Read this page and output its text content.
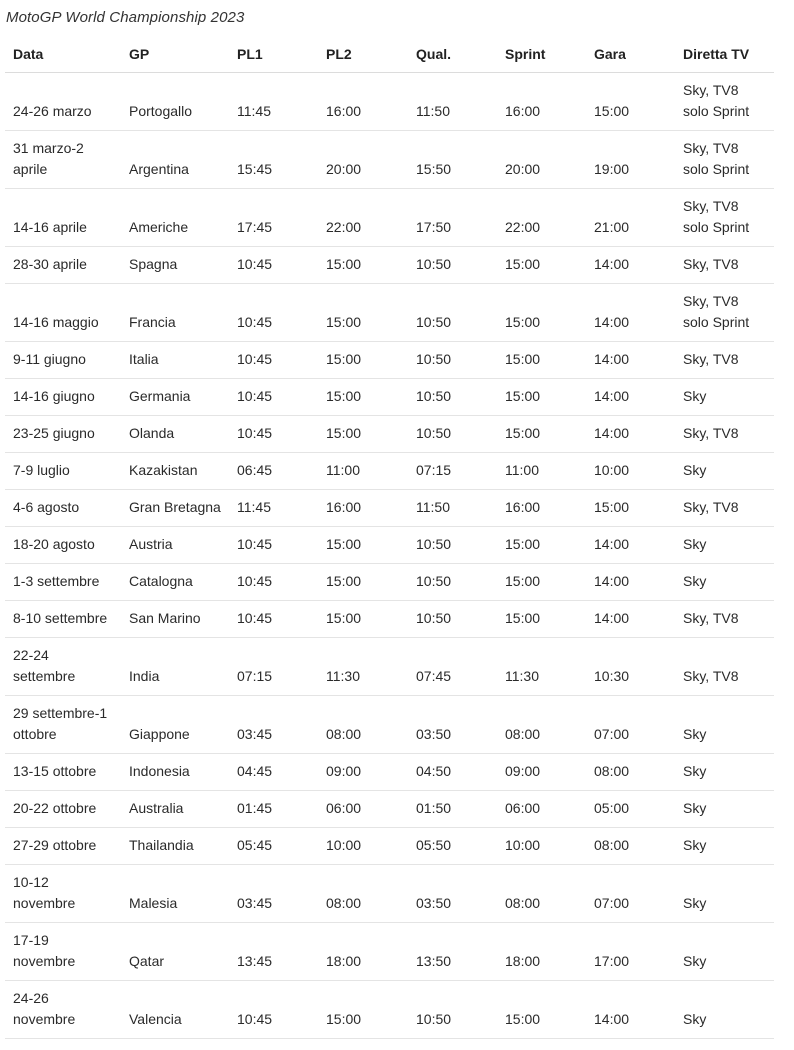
MotoGP World Championship 2023
Data	GP	PL1	PL2	Qual.	Sprint	Gara	Diretta TV
24-26 marzo	Portogallo	11:45	16:00	11:50	16:00	15:00	Sky, TV8
solo Sprint
31 marzo-2
aprile	Argentina	15:45	20:00	15:50	20:00	19:00	Sky, TV8
solo Sprint
14-16 aprile	Americhe	17:45	22:00	17:50	22:00	21:00	Sky, TV8
solo Sprint
28-30 aprile	Spagna	10:45	15:00	10:50	15:00	14:00	Sky, TV8
14-16 maggio	Francia	10:45	15:00	10:50	15:00	14:00	Sky, TV8
solo Sprint
9-11 giugno	Italia	10:45	15:00	10:50	15:00	14:00	Sky, TV8
14-16 giugno	Germania	10:45	15:00	10:50	15:00	14:00	Sky
23-25 giugno	Olanda	10:45	15:00	10:50	15:00	14:00	Sky, TV8
7-9 luglio	Kazakistan	06:45	11:00	07:15	11:00	10:00	Sky
4-6 agosto	Gran Bretagna	11:45	16:00	11:50	16:00	15:00	Sky, TV8
18-20 agosto	Austria	10:45	15:00	10:50	15:00	14:00	Sky
1-3 settembre	Catalogna	10:45	15:00	10:50	15:00	14:00	Sky
8-10 settembre	San Marino	10:45	15:00	10:50	15:00	14:00	Sky, TV8
22-24
settembre	India	07:15	11:30	07:45	11:30	10:30	Sky, TV8
29 settembre-1
ottobre	Giappone	03:45	08:00	03:50	08:00	07:00	Sky
13-15 ottobre	Indonesia	04:45	09:00	04:50	09:00	08:00	Sky
20-22 ottobre	Australia	01:45	06:00	01:50	06:00	05:00	Sky
27-29 ottobre	Thailandia	05:45	10:00	05:50	10:00	08:00	Sky
10-12
novembre	Malesia	03:45	08:00	03:50	08:00	07:00	Sky
17-19
novembre	Qatar	13:45	18:00	13:50	18:00	17:00	Sky
24-26
novembre	Valencia	10:45	15:00	10:50	15:00	14:00	Sky
